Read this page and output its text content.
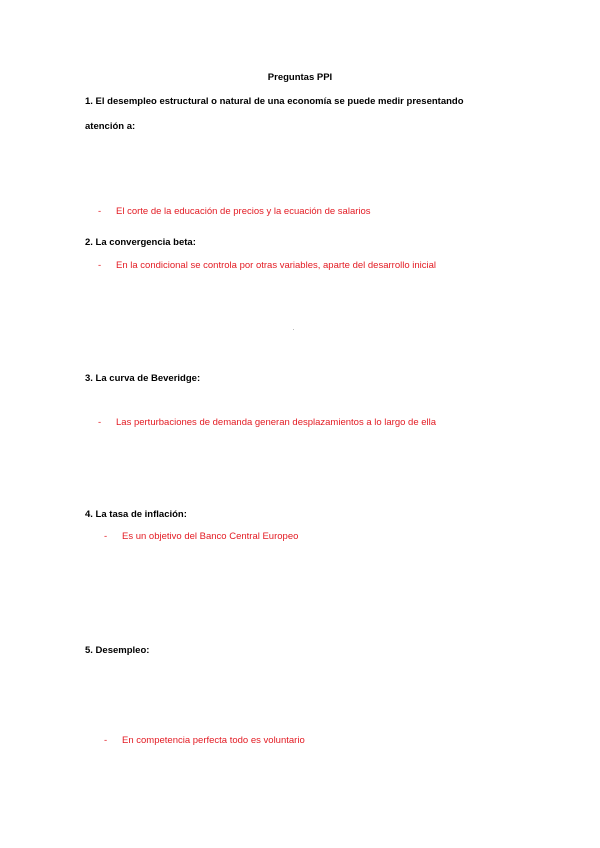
Preguntas PPI
1. El desempleo estructural o natural de una economía se puede medir presentando
atención a:
- El corte de la educación de precios y la ecuación de salarios
2. La convergencia beta:
- En la condicional se controla por otras variables, aparte del desarrollo inicial
3. La curva de Beveridge:
- Las perturbaciones de demanda generan desplazamientos a lo largo de ella
4. La tasa de inflación:
- Es un objetivo del Banco Central Europeo
5. Desempleo:
- En competencia perfecta todo es voluntario
